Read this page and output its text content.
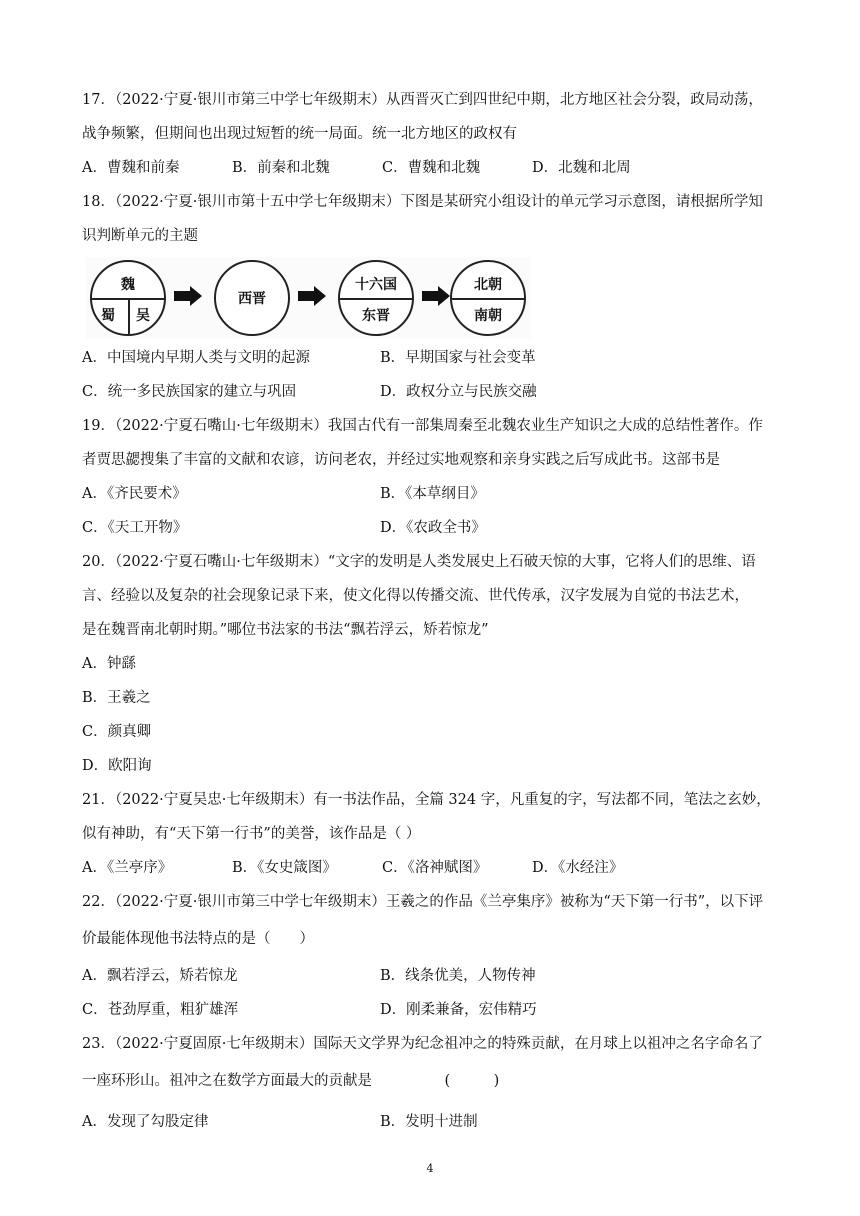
17．（2022·宁夏·银川市第三中学七年级期末）从西晋灭亡到四世纪中期，北方地区社会分裂，政局动荡，
战争频繁，但期间也出现过短暂的统一局面。统一北方地区的政权有
A．曹魏和前秦	B．前秦和北魏	C．曹魏和北魏	D．北魏和北周
18．（2022·宁夏·银川市第十五中学七年级期末）下图是某研究小组设计的单元学习示意图，请根据所学知
识判断单元的主题
魏
蜀 吴
西晋
十六国
东晋
北朝
南朝
A．中国境内早期人类与文明的起源	B．早期国家与社会变革
C．统一多民族国家的建立与巩固	D．政权分立与民族交融
19．（2022·宁夏石嘴山·七年级期末）我国古代有一部集周秦至北魏农业生产知识之大成的总结性著作。作
者贾思勰搜集了丰富的文献和农谚，访问老农，并经过实地观察和亲身实践之后写成此书。这部书是
A．《齐民要术》	B．《本草纲目》
C．《天工开物》	D．《农政全书》
20．（2022·宁夏石嘴山·七年级期末）“文字的发明是人类发展史上石破天惊的大事，它将人们的思维、语
言、经验以及复杂的社会现象记录下来，使文化得以传播交流、世代传承，汉字发展为自觉的书法艺术，
是在魏晋南北朝时期。”哪位书法家的书法“飘若浮云，矫若惊龙”
A．钟繇
B．王羲之
C．颜真卿
D．欧阳询
21．（2022·宁夏吴忠·七年级期末）有一书法作品，全篇 324 字，凡重复的字，写法都不同，笔法之玄妙，
似有神助，有“天下第一行书”的美誉，该作品是（ ）
A．《兰亭序》	B．《女史箴图》	C．《洛神赋图》	D．《水经注》
22．（2022·宁夏·银川市第三中学七年级期末）王羲之的作品《兰亭集序》被称为“天下第一行书”，以下评
价最能体现他书法特点的是（　　）
A．飘若浮云，矫若惊龙	B．线条优美，人物传神
C．苍劲厚重，粗犷雄浑	D．刚柔兼备，宏伟精巧
23．（2022·宁夏固原·七年级期末）国际天文学界为纪念祖冲之的特殊贡献，在月球上以祖冲之名字命名了
一座环形山。祖冲之在数学方面最大的贡献是　　　　　(　　　)
A．发现了勾股定律	B．发明十进制
4
